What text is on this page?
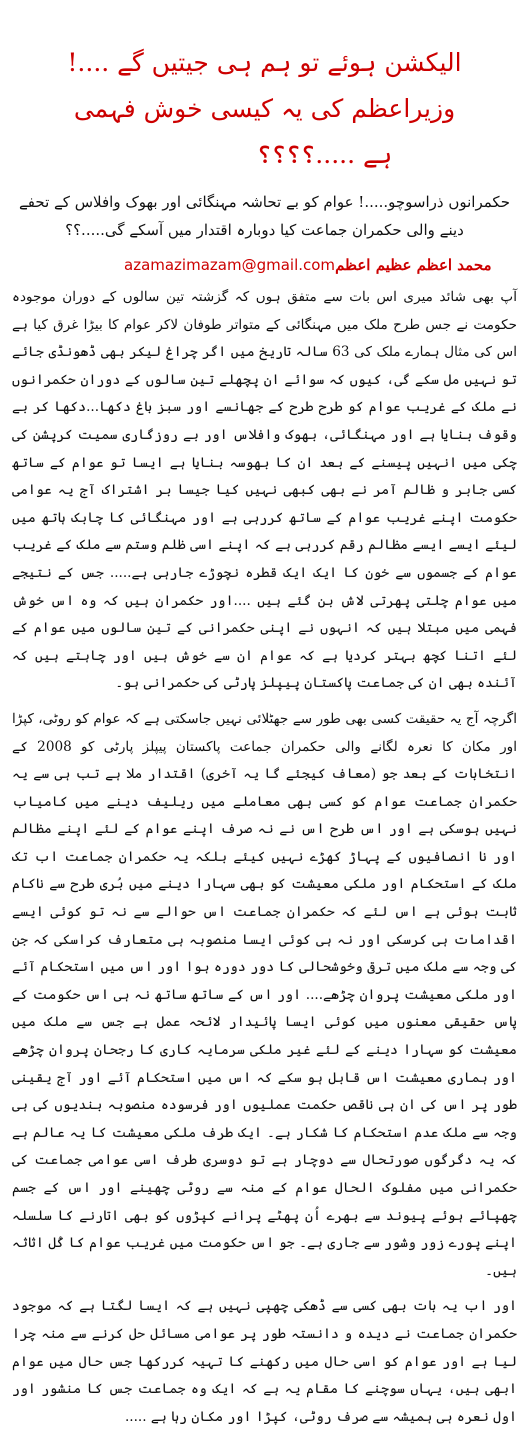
الیکشن ہوئے تو ہم ہی جیتیں گے ....! وزیراعظم کی یہ کیسی خوش فہمی
ہے .....؟؟؟؟
حکمرانوں ذراسوچو.....! عوام کو بے تحاشہ مہنگائی اور بھوک وافلاس کے تحفے دینے والی حکمران جماعت کیا دوبارہ اقتدار میں آسکے گی.....؟؟
azamazimazam@gmail.comمحمد اعظم عظیم اعظم

آپ بھی شائد میری اس بات سے متفق ہوں کہ گزشتہ تین سالوں کے دوران موجودہ حکومت نے جس طرح ملک میں مہنگائی کے متواتر طوفان لاکر عوام کا بیڑا غرق کیا ہے اس کی مثال ہمارے ملک کی 63 سالہ تاریخ میں اگر چراغ لیکر بھی ڈھونڈی جائے تو نہیں مل سکے گی، کیوں کہ سوائے ان پچھلے تین سالوں کے دوران حکمرانوں نے ملک کے غریب عوام کو طرح طرح کے جھانسے اور سبز باغ دکھا...دکھا کر بے وقوف بنایا ہے اور مہنگائی، بھوک وافلاس اور بے روزگاری سمیت کرپشن کی چکی میں انہیں پیسنے کے بعد ان کا بھوسہ بنایا ہے ایسا تو عوام کے ساتھ کسی جابر و ظالم آمر نے بھی کبھی نہیں کیا جیسا بر اشتراک آج یہ عوامی حکومت اپنے غریب عوام کے ساتھ کررہی ہے اور مہنگائی کا چابک ہاتھ میں لیئے ایسے ایسے مظالم رقم کررہی ہے کہ اپنے اسی ظلم وستم سے ملک کے غریب عوام کے جسموں سے خون کا ایک ایک قطرہ نچوڑے جارہی ہے..... جس کے نتیجے میں عوام چلتی پھرتی لاش بن گئے ہیں ....اور حکمران ہیں کہ وہ اس خوش فہمی میں مبتلا ہیں کہ انہوں نے اپنی حکمرانی کے تین سالوں میں عوام کے لئے اتنا کچھ بہتر کردیا ہے کہ عوام ان سے خوش ہیں اور چاہتے ہیں کہ آئندہ بھی ان کی جماعت پاکستان پیپلز پارٹی کی حکمرانی ہو۔

اگرچہ آج یہ حقیقت کسی بھی طور سے جھٹلائی نہیں جاسکتی ہے کہ عوام کو روٹی، کپڑا اور مکان کا نعرہ لگانے والی حکمران جماعت پاکستان پیپلز پارٹی کو 2008 کے انتخابات کے بعد جو (معاف کیجئے گا یہ آخری) اقتدار ملا ہے تب ہی سے یہ حکمران جماعت عوام کو کسی بھی معاملے میں ریلیف دینے میں کامیاب نہیں ہوسکی ہے اور اس طرح اس نے نہ صرف اپنے عوام کے لئے اپنے مظالم اور نا انصافیوں کے پہاڑ کھڑے نہیں کیئے بلکہ یہ حکمران جماعت اب تک ملک کے استحکام اور ملکی معیشت کو بھی سہارا دینے میں بُری طرح سے ناکام ثابت ہوئی ہے اس لئے کہ حکمران جماعت اس حوالے سے نہ تو کوئی ایسے اقدامات ہی کرسکی اور نہ ہی کوئی ایسا منصوبہ ہی متعارف کراسکی کہ جن کی وجہ سے ملک میں ترقی وخوشحالی کا دور دورہ ہوا اور اس میں استحکام آئے اور ملکی معیشت پروان چڑھے.... اور اس کے ساتھ ساتھ نہ ہی اس حکومت کے پاس حقیقی معنوں میں کوئی ایسا پائیدار لائحہ عمل ہے جس سے ملک میں معیشت کو سہارا دینے کے لئے غیر ملکی سرمایہ کاری کا رجحان پروان چڑھے اور ہماری معیشت اس قابل ہو سکے کہ اس میں استحکام آئے اور آج یقینی طور پر اس کی ان ہی ناقص حکمت عملیوں اور فرسودہ منصوبہ بندیوں کی ہی وجہ سے ملک عدم استحکام کا شکار ہے۔ ایک طرف ملکی معیشت کا یہ عالم ہے کہ یہ دگرگوں صورتحال سے دوچار ہے تو دوسری طرف اسی عوامی جماعت کی حکمرانی میں مفلوک الحال عوام کے منہ سے روٹی چھینے اور اس کے جسم چھپائے ہوئے پیوند سے بھرے اُن پھٹے پرانے کپڑوں کو بھی اتارنے کا سلسلہ اپنے پورے زور وشور سے جاری ہے۔ جو اس حکومت میں غریب عوام کا کُل اثاثہ ہیں۔

اور اب یہ بات بھی کسی سے ڈھکی چھپی نہیں ہے کہ ایسا لگتا ہے کہ موجود حکمران جماعت نے دیدہ و دانستہ طور پر عوامی مسائل حل کرنے سے منہ چرا لیا ہے اور عوام کو اسی حال میں رکھنے کا تہیہ کررکھا جس حال میں عوام ابھی ہیں، یہاں سوچنے کا مقام یہ ہے کہ ایک وہ جماعت جس کا منشور اور اول نعرہ ہی ہمیشہ سے صرف روٹی، کپڑا اور مکان رہا ہے .....
